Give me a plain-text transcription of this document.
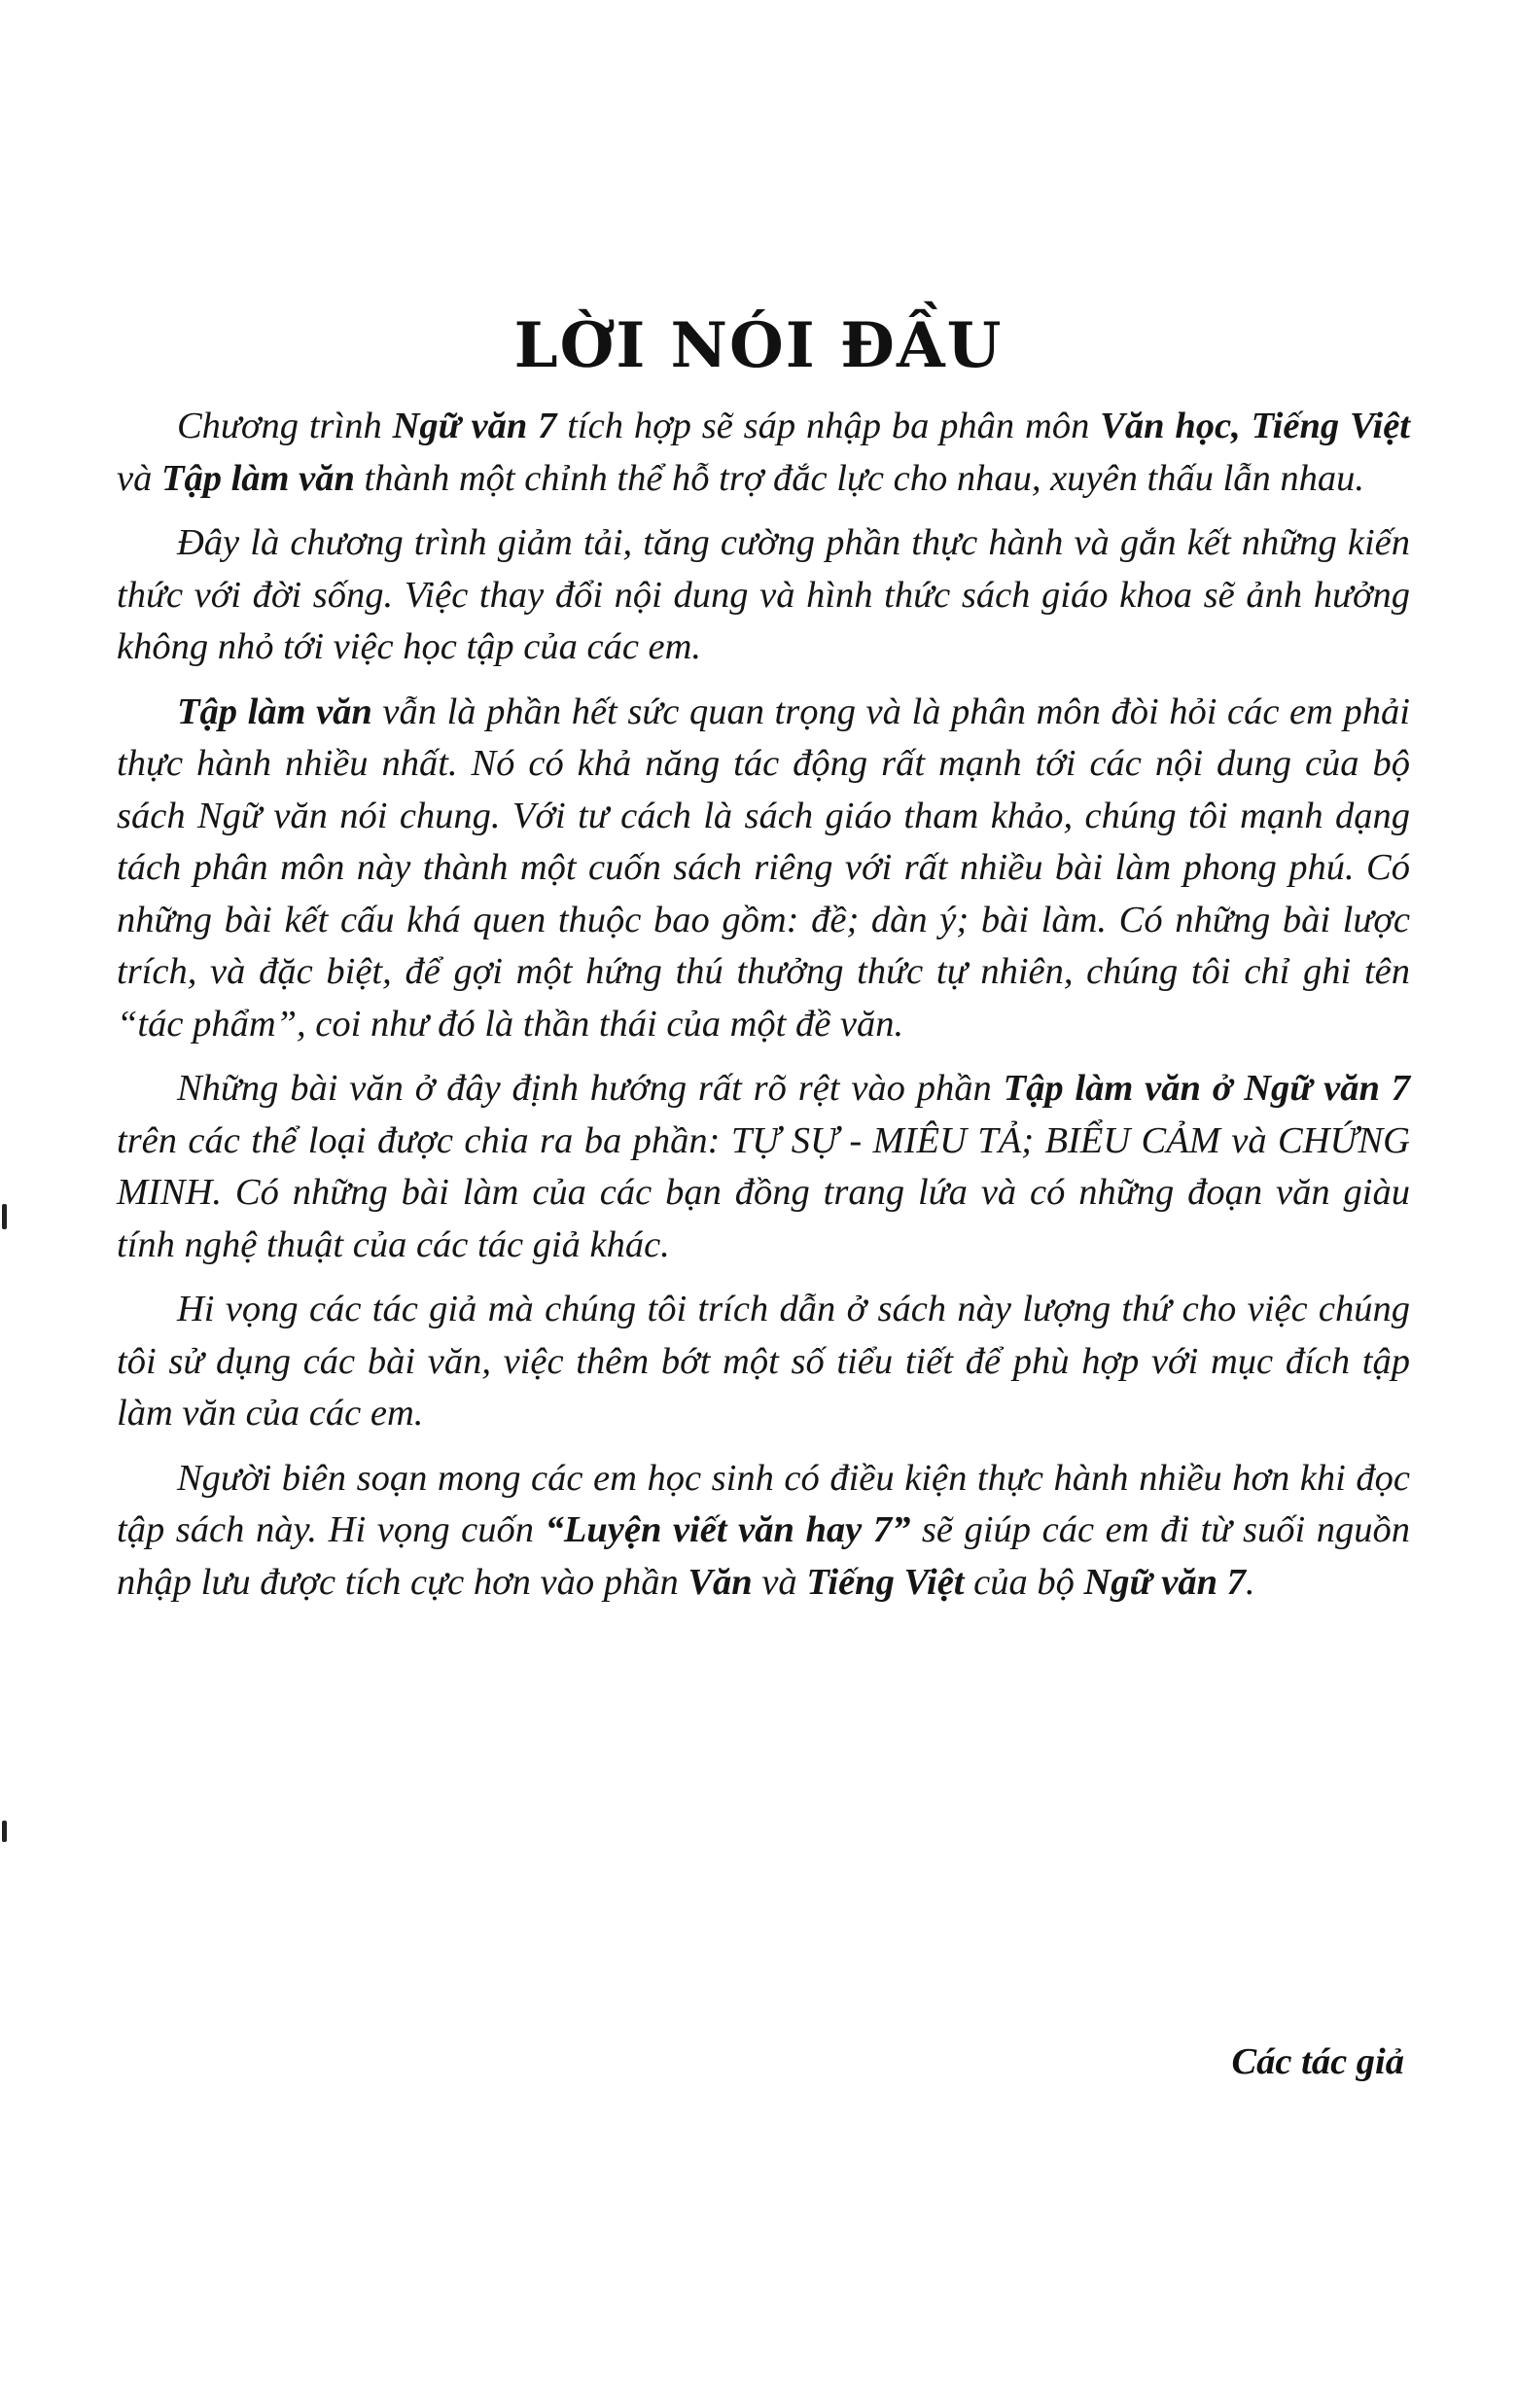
LỜI NÓI ĐẦU

Chương trình Ngữ văn 7 tích hợp sẽ sáp nhập ba phân môn Văn học, Tiếng Việt và Tập làm văn thành một chỉnh thể hỗ trợ đắc lực cho nhau, xuyên thấu lẫn nhau.

Đây là chương trình giảm tải, tăng cường phần thực hành và gắn kết những kiến thức với đời sống. Việc thay đổi nội dung và hình thức sách giáo khoa sẽ ảnh hưởng không nhỏ tới việc học tập của các em.

Tập làm văn vẫn là phần hết sức quan trọng và là phân môn đòi hỏi các em phải thực hành nhiều nhất. Nó có khả năng tác động rất mạnh tới các nội dung của bộ sách Ngữ văn nói chung. Với tư cách là sách giáo tham khảo, chúng tôi mạnh dạng tách phân môn này thành một cuốn sách riêng với rất nhiều bài làm phong phú. Có những bài kết cấu khá quen thuộc bao gồm: đề; dàn ý; bài làm. Có những bài lược trích, và đặc biệt, để gợi một hứng thú thưởng thức tự nhiên, chúng tôi chỉ ghi tên “tác phẩm”, coi như đó là thần thái của một đề văn.

Những bài văn ở đây định hướng rất rõ rệt vào phần Tập làm văn ở Ngữ văn 7 trên các thể loại được chia ra ba phần: TỰ SỰ - MIÊU TẢ; BIỂU CẢM và CHỨNG MINH. Có những bài làm của các bạn đồng trang lứa và có những đoạn văn giàu tính nghệ thuật của các tác giả khác.

Hi vọng các tác giả mà chúng tôi trích dẫn ở sách này lượng thứ cho việc chúng tôi sử dụng các bài văn, việc thêm bớt một số tiểu tiết để phù hợp với mục đích tập làm văn của các em.

Người biên soạn mong các em học sinh có điều kiện thực hành nhiều hơn khi đọc tập sách này. Hi vọng cuốn “Luyện viết văn hay 7” sẽ giúp các em đi từ suối nguồn nhập lưu được tích cực hơn vào phần Văn và Tiếng Việt của bộ Ngữ văn 7.

Các tác giả
